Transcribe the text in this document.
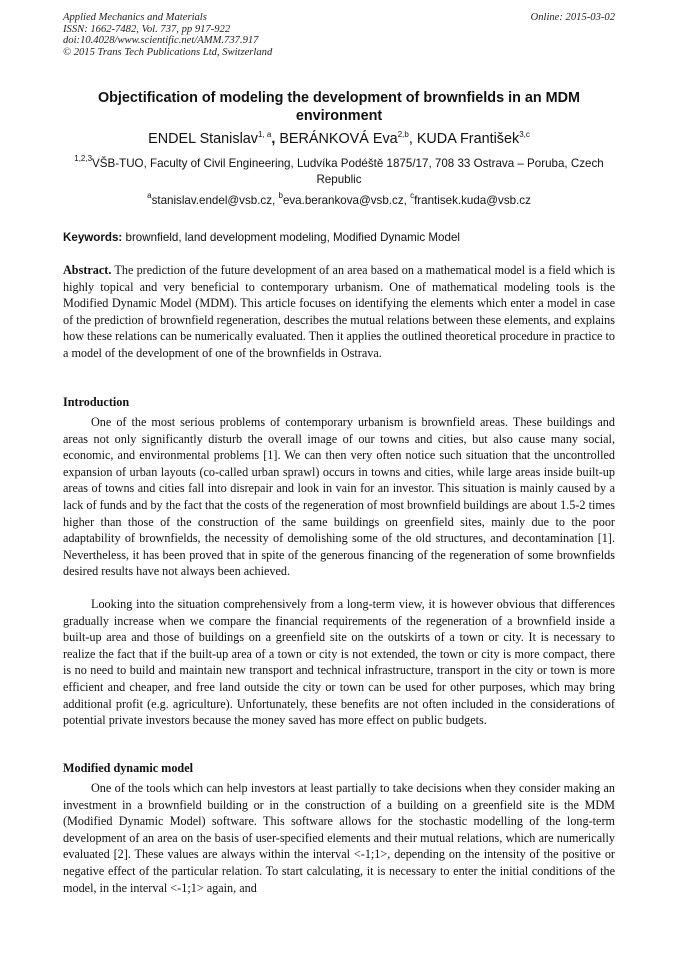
Applied Mechanics and Materials
ISSN: 1662-7482, Vol. 737, pp 917-922
doi:10.4028/www.scientific.net/AMM.737.917
© 2015 Trans Tech Publications Ltd, Switzerland
Online: 2015-03-02
Objectification of modeling the development of brownfields in an MDM environment
ENDEL Stanislav$^{1, a}$, BERÁNKOVÁ Eva$^{2,b}$, KUDA František$^{3,c}$
$^{1,2,3}$VŠB-TUO, Faculty of Civil Engineering, Ludvíka Podéště 1875/17, 708 33 Ostrava – Poruba, Czech Republic
$^a$stanislav.endel@vsb.cz, $^b$eva.berankova@vsb.cz, $^c$frantisek.kuda@vsb.cz
Keywords: brownfield, land development modeling, Modified Dynamic Model
Abstract. The prediction of the future development of an area based on a mathematical model is a field which is highly topical and very beneficial to contemporary urbanism. One of mathematical modeling tools is the Modified Dynamic Model (MDM). This article focuses on identifying the elements which enter a model in case of the prediction of brownfield regeneration, describes the mutual relations between these elements, and explains how these relations can be numerically evaluated. Then it applies the outlined theoretical procedure in practice to a model of the development of one of the brownfields in Ostrava.
Introduction
One of the most serious problems of contemporary urbanism is brownfield areas. These buildings and areas not only significantly disturb the overall image of our towns and cities, but also cause many social, economic, and environmental problems [1]. We can then very often notice such situation that the uncontrolled expansion of urban layouts (co-called urban sprawl) occurs in towns and cities, while large areas inside built-up areas of towns and cities fall into disrepair and look in vain for an investor. This situation is mainly caused by a lack of funds and by the fact that the costs of the regeneration of most brownfield buildings are about 1.5-2 times higher than those of the construction of the same buildings on greenfield sites, mainly due to the poor adaptability of brownfields, the necessity of demolishing some of the old structures, and decontamination [1]. Nevertheless, it has been proved that in spite of the generous financing of the regeneration of some brownfields desired results have not always been achieved.
Looking into the situation comprehensively from a long-term view, it is however obvious that differences gradually increase when we compare the financial requirements of the regeneration of a brownfield inside a built-up area and those of buildings on a greenfield site on the outskirts of a town or city. It is necessary to realize the fact that if the built-up area of a town or city is not extended, the town or city is more compact, there is no need to build and maintain new transport and technical infrastructure, transport in the city or town is more efficient and cheaper, and free land outside the city or town can be used for other purposes, which may bring additional profit (e.g. agriculture). Unfortunately, these benefits are not often included in the considerations of potential private investors because the money saved has more effect on public budgets.
Modified dynamic model
One of the tools which can help investors at least partially to take decisions when they consider making an investment in a brownfield building or in the construction of a building on a greenfield site is the MDM (Modified Dynamic Model) software. This software allows for the stochastic modelling of the long-term development of an area on the basis of user-specified elements and their mutual relations, which are numerically evaluated [2]. These values are always within the interval <-1;1>, depending on the intensity of the positive or negative effect of the particular relation. To start calculating, it is necessary to enter the initial conditions of the model, in the interval <-1;1> again, and
